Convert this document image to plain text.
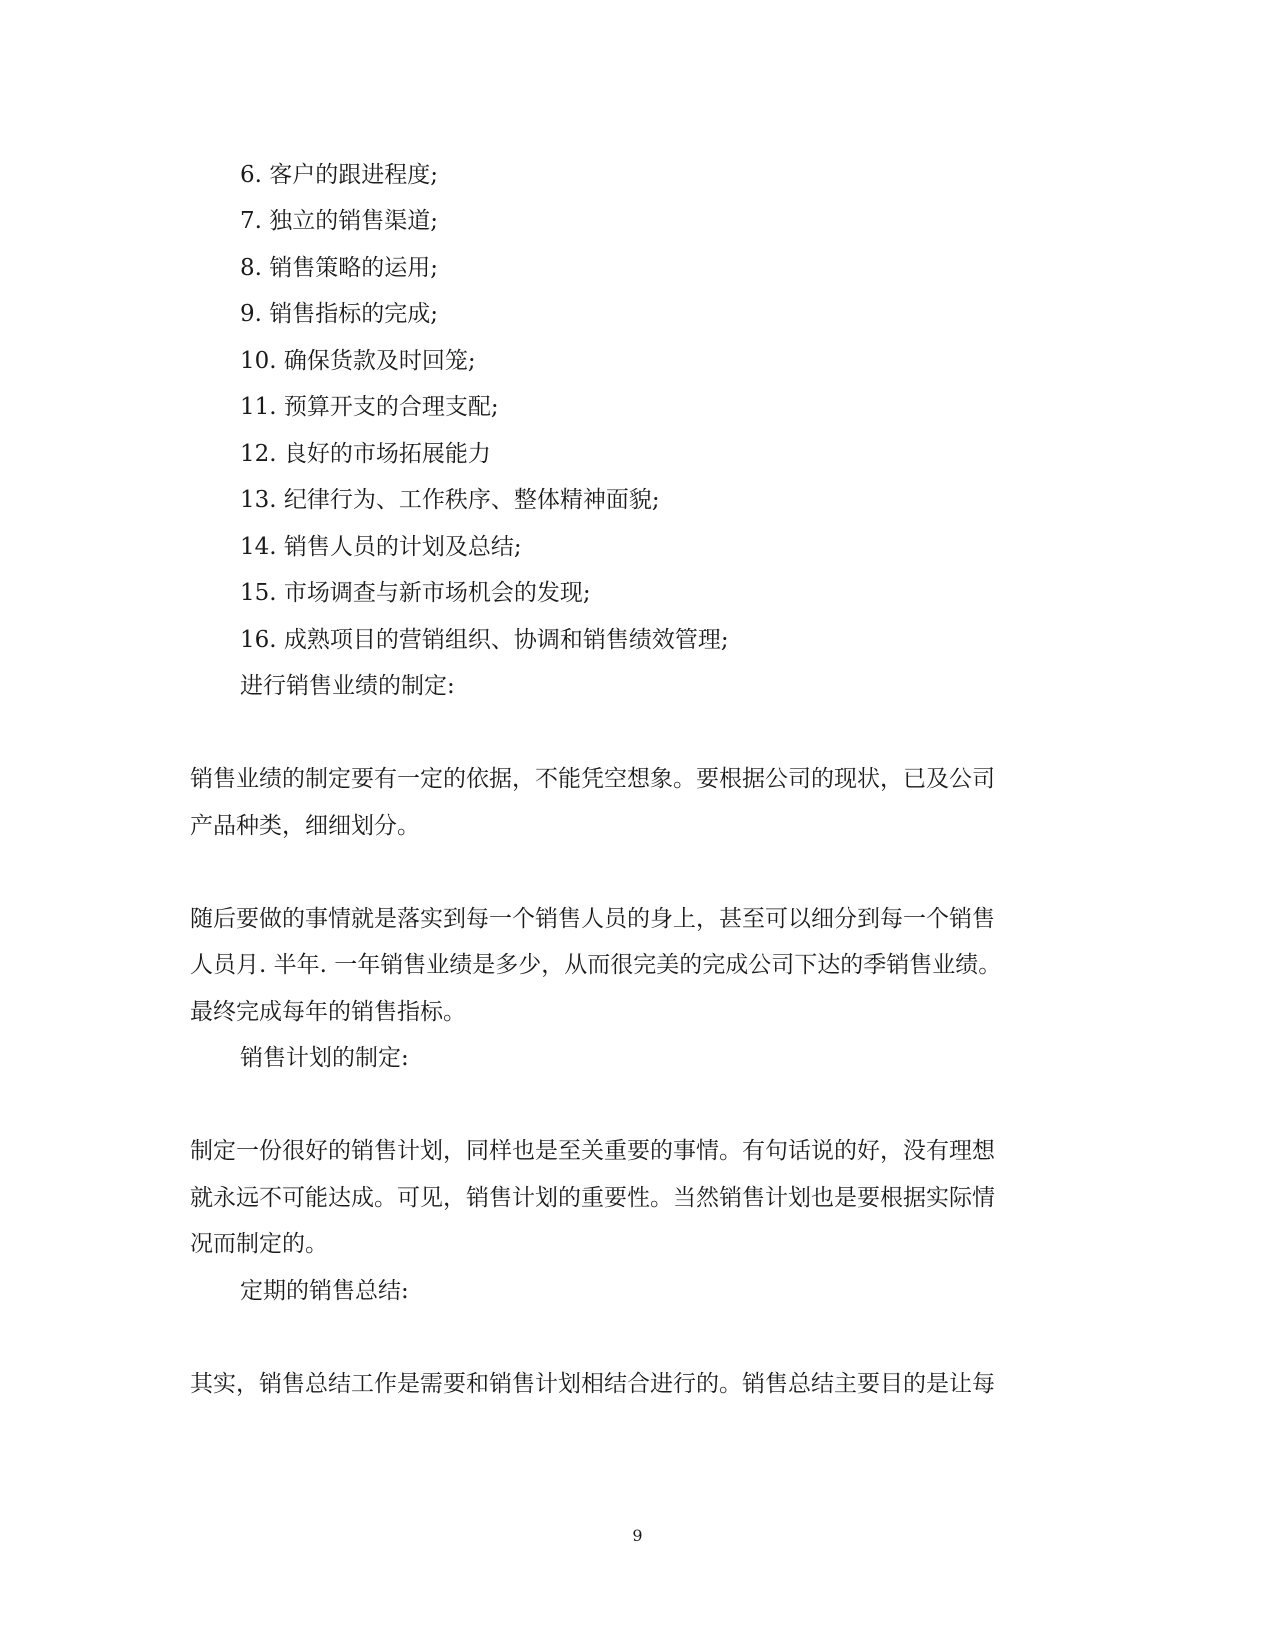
6. 客户的跟进程度;
7. 独立的销售渠道;
8. 销售策略的运用;
9. 销售指标的完成;
10. 确保货款及时回笼;
11. 预算开支的合理支配;
12. 良好的市场拓展能力
13. 纪律行为、工作秩序、整体精神面貌;
14. 销售人员的计划及总结;
15. 市场调查与新市场机会的发现;
16. 成熟项目的营销组织、协调和销售绩效管理;
进行销售业绩的制定:
销售业绩的制定要有一定的依据，不能凭空想象。要根据公司的现状，已及公司
产品种类，细细划分。
随后要做的事情就是落实到每一个销售人员的身上，甚至可以细分到每一个销售
人员月. 半年. 一年销售业绩是多少，从而很完美的完成公司下达的季销售业绩。
最终完成每年的销售指标。
销售计划的制定:
制定一份很好的销售计划，同样也是至关重要的事情。有句话说的好，没有理想
就永远不可能达成。可见，销售计划的重要性。当然销售计划也是要根据实际情
况而制定的。
定期的销售总结:
其实，销售总结工作是需要和销售计划相结合进行的。销售总结主要目的是让每
9
